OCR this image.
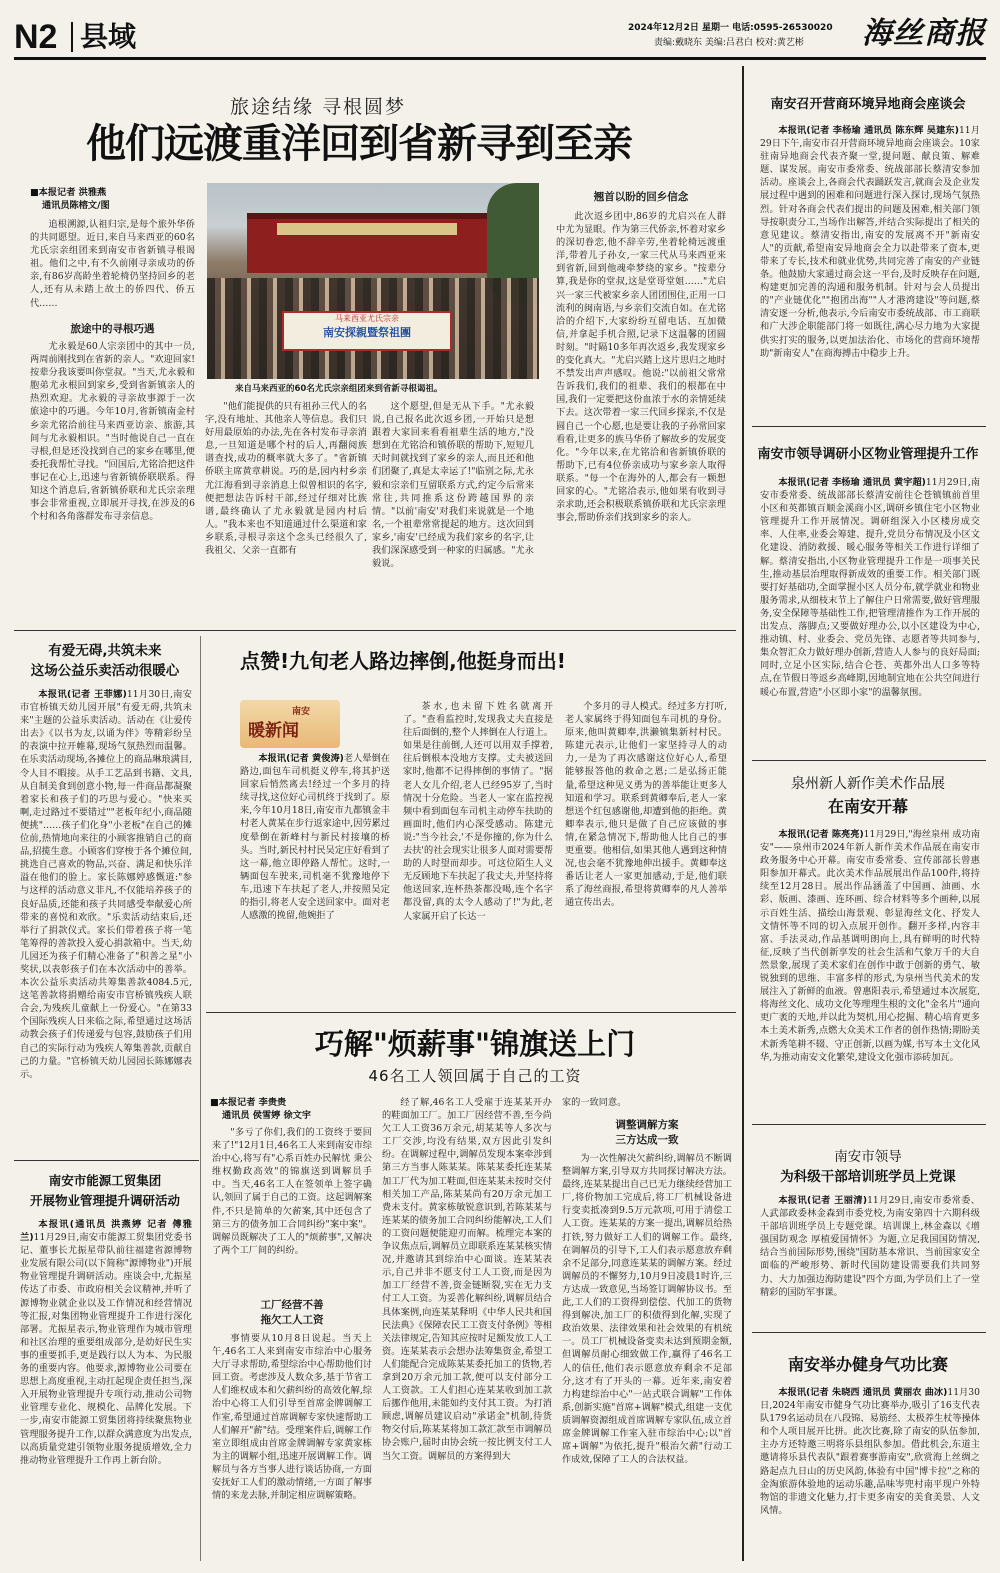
N2 县域	2024年12月2日 星期一 电话:0595-26530020
责编:戴晓东 美编:吕君白 校对:黄艺彬 海丝商报
旅途结缘 寻根圆梦
他们远渡重洋回到省新寻到至亲
■本报记者 洪雅燕
通讯员陈榕文/图

追根溯源,认祖归宗,是每个旅外华侨的共同愿望。近日,来自马来西亚的60名尤氏宗亲组团来到南安市省新镇寻根谒祖。他们之中,有不久前刚寻亲成功的侨亲,有86岁高龄坐着轮椅仍坚持回乡的老人,还有从未踏上故土的侨四代、侨五代……

旅途中的寻根巧遇

尤永毅是60人宗亲团中的其中一员,两周前刚找到在省新的亲人。"欢迎回家!按辈分我该要叫你堂叔。"当天,尤永毅和胞弟尤永根回到家乡,受到省新镇亲人的热烈欢迎。尤永毅的寻亲故事源于一次旅途中的巧遇。今年10月,省新镇南金村乡亲尤铭洽前往马来西亚访亲、旅游,其间与尤永毅相识。"当时他说自己一直在寻根,但是还没找到自己的家乡在哪里,便委托我帮忙寻找。"回国后,尤铭洽把这件事记在心上,迅速与省新镇侨联联系。得知这个消息后,省新镇侨联和尤氏宗亲理事会非常重视,立即展开寻找,在涉及的6个村和各角落群发布寻亲信息。

马来西亚尤氏宗亲
南安探親暨祭祖團
来自马来西亚的60名尤氏宗亲组团来到省新寻根谒祖。

"他们能提供的只有祖孙三代人的名字,没有地址、其他亲人等信息。我们只好用最原始的办法,先在各村发布寻亲消息,一旦知道是哪个村的后人,再翻阅族谱查找,成功的概率就大多了。"省新镇侨联主席黄章耕说。巧的是,园内村乡亲尤江海看到寻亲消息上似曾相识的名字,便把想法告诉村干部,经过仔细对比族谱,最终确认了尤永毅就是园内村后人。"我本来也不知道通过什么渠道和家乡联系,寻根寻亲这个念头已经很久了,我祖父、父亲一直都有

这个愿望,但是无从下手。"尤永毅说,自己报名此次返乡团,一开始只是想跟着大家回来看看祖辈生活的地方,"没想到在尤铭洽和镇侨联的帮助下,短短几天时间就找到了家乡的亲人,而且还和他们团聚了,真是太幸运了!"临别之际,尤永毅和宗亲们互留联系方式,约定今后常来常往,共同推系这份跨越国界的亲情。"以前'南安'对我们来说就是一个地名,一个祖辈常常提起的地方。这次回到家乡,'南安'已经成为我们家乡的名字,让我们深深感受到一种家的归属感。"尤永毅说。

翘首以盼的回乡信念

此次返乡团中,86岁的尤启兴在人群中尤为显眼。作为第三代侨亲,怀着对家乡的深切眷恋,他不辞辛劳,坐着轮椅远渡重洋,带着儿子孙女,一家三代从马来西亚来到省新,回到他魂牵梦绕的家乡。"按辈分算,我是你的堂叔,这是堂哥堂姐……"尤启兴一家三代被家乡亲人团团围住,正用一口流利的闽南语,与乡亲们交流自如。在尤铭洽的介绍下,大家纷纷互留电话、互加微信,并拿起手机合照,记录下这温馨的团圆时刻。"时隔10多年再次返乡,我发现家乡的变化真大。"尤启兴踏上这片思归之地时不禁发出声声感叹。他说:"以前祖父常常告诉我们,我们的祖辈、我们的根都在中国,我们一定要把这份血浓于水的亲情延续下去。这次带着一家三代回乡探亲,不仅是圆自己一个心愿,也是要让我的子孙常回家看看,让更多的族马华侨了解故乡的发展变化。"今年以来,在尤铭洽和省新镇侨联的帮助下,已有4位侨亲成功与家乡亲人取得联系。"每一个在海外的人,都会有一颗想回家的心。"尤铭洽表示,他如果有收到寻亲求助,还会积极联系镇侨联和尤氏宗亲理事会,帮助侨亲们找到家乡的亲人。

有爱无碍,共筑未来
这场公益乐卖活动很暖心

本报讯(记者 王菲娜)11月30日,南安市官桥镇天幼儿园开展"有爱无碍,共筑未来"主题的公益乐卖活动。活动在《让爱传出去》《以书为友,以诵为伴》等精彩纷呈的表演中拉开帷幕,现场气氛热烈而温馨。在乐卖活动现场,各摊位上的商品琳琅满目,令人目不暇接。从手工艺品到书籍、文具,从自制美食到创意小物,每一件商品都凝聚着家长和孩子们的巧思与爱心。"快来买啊,走过路过不要错过""老板年纪小,商品随便挑"……孩子们化身"小老板"在自己的摊位前,热情地向来往的小顾客推销自己的商品,招揽生意。小顾客们穿梭于各个摊位间,挑选自己喜欢的物品,兴奋、满足和快乐洋溢在他们的脸上。家长陈娜婷感慨道:"参与这样的活动意义非凡,不仅能培养孩子的良好品质,还能和孩子共同感受奉献爱心所带来的喜悦和欢欣。"乐卖活动结束后,还举行了捐款仪式。家长们带着孩子将一笔笔筹得的善款投入爱心捐款箱中。当天,幼儿园还为孩子们精心准备了"积善之星"小奖状,以表彰孩子们在本次活动中的善举。本次公益乐卖活动共筹集善款4084.5元,这笔善款将捐赠给南安市官桥镇残疾人联合会,为残疾儿童献上一份爱心。"在第33个国际残疾人日来临之际,希望通过这场活动教会孩子们传递爱与包容,鼓励孩子们用自己的实际行动为残疾人筹集善款,贡献自己的力量。"官桥镇天幼儿园园长陈娜娜表示。

南安市能源工贸集团
开展物业管理提升调研活动

本报讯(通讯员 洪燕婷 记者 傅雅兰)11月29日,南安市能源工贸集团党委书记、董事长尤振星带队前往福建省源博物业发展有限公司(以下简称"源博物业")开展物业管理提升调研活动。座谈会中,尤振星传达了市委、市政府相关会议精神,并听了源博物业就企业以及工作情况和经营情况等汇报,对集团物业管理提升工作进行深化部署。尤振星表示,物业管理作为城市管理和社区治理的重要组成部分,是幼好民生实事的重要抓手,更是践行以人为本、为民服务的重要内容。他要求,源博物业公司要在思想上高度重视,主动扛起现企责任担当,深入开展物业管理提升专项行动,推动公司物业管理专业化、规模化、品牌化发展。下一步,南安市能源工贸集团将持续聚焦物业管理服务提升工作,以群众满意度为出发点,以高质量党建引领物业服务提质增效,全力推动物业管理提升工作再上新台阶。

点赞!九旬老人路边摔倒,他挺身而出!
南安
暖新闻

本报讯(记者 黄俊涛)老人晕倒在路边,面包车司机挺义停车,将其护送回家后悄然离去!经过一个多月的持续寻找,这位好心司机终于找到了。原来,今年10月18日,南安市九都镇金丰村老人黄某在步行返家途中,因劳累过度晕倒在新峰村与新民村接壤的桥头。当时,新民村村民吴定庄好看到了这一幕,他立即停路人帮忙。这时,一辆面包车驶来,司机毫不犹豫地停下车,迅速下车扶起了老人,并按照吴定的指引,将老人安全送回家中。面对老人感激的挽留,他婉拒了

茶水,也未留下姓名就离开了。"查看监控时,发现我丈夫直接是往后面倒的,整个人摔倒在人行道上。如果是往前倒,人还可以用双手撑着,往后倒根本没地方支撑。丈夫被送回家时,他都不记得摔倒的事情了。"据老人女儿介绍,老人已经95岁了,当时情况十分危险。当老人一家在监控视频中看到面包车司机主动停车扶助的画面时,他们内心深受感动。陈建元说:"当今社会,'不是你撞的,你为什么去扶'的社会现实让很多人面对需要帮助的人时望而却步。可这位陌生人义无反顾地下车扶起了我丈夫,并坚持将他送回家,连杯热茶都没喝,连个名字都没留,真的太令人感动了!"为此,老人家属开启了长达一

个多月的寻人模式。经过多方打听,老人家属终于得知面包车司机的身份。原来,他叫黄卿奉,洪濑镇集新村村民。陈建元表示,让他们一家坚持寻人的动力,一是为了再次感谢这位好心人,希望能够报答他的救命之恩;二是弘扬正能量,希望这种见义勇为的善举能让更多人知道和学习。联系到黄卿奉后,老人一家想送个红包感谢他,却遭到他的拒绝。黄卿奉表示,他只是做了自己应该做的事情,在紧急情况下,帮助他人比自己的事更重要。他相信,如果其他人遇到这种情况,也会毫不犹豫地伸出援手。黄卿奉这番话让老人一家更加感动,于是,他们联系了海丝商报,希望将黄卿奉的凡人善举通宣传出去。

巧解"烦薪事"锦旗送上门
46名工人领回属于自己的工资
■本报记者 李贵贵
通讯员 侯雪婷 徐文宇

"多亏了你们,我们的工资终于要回来了!"12月1日,46名工人来到南安市综治中心,将写有"心系百姓办民解忧 秉公维权勤政高效"的锦旗送到调解员手中。当天,46名工人在签领单上签字确认,领回了属于自己的工资。这起调解案件,不只是简单的欠薪案,其中还包含了第三方的债务加工合同纠纷"案中案"。调解员既解决了工人的"烦薪事",又解决了两个工厂间的纠纷。

工厂经营不善
拖欠工人工资

事情要从10月8日说起。当天上午,46名工人来到南安市综治中心服务大厅寻求帮助,希望综治中心帮助他们讨回工资。考虑涉及人数众多,基于节省工人们维权成本和欠薪纠纷的高效化解,综治中心将工人们引导至首席金牌调解工作室,希望通过首席调解专家快速帮助工人们解开"薪"结。受理案件后,调解工作室立即组成由首席金牌调解专家黄家栋为主的调解小组,迅速开展调解工作。调解员与各方当事人进行谈话协商,一方面安抚好工人们的激动情绪,一方面了解事情的来龙去脉,并制定相应调解策略。

经了解,46名工人受雇于连某某开办的鞋面加工厂。加工厂因经营不善,至今尚欠工人工资36万余元,胡某某等人多次与工厂交涉,均没有结果,双方因此引发纠纷。在调解过程中,调解员发现本案牵涉到第三方当事人陈某某。陈某某委托连某某加工厂代为加工鞋面,但连某某未按时交付相关加工产品,陈某某尚有20万余元加工费未支付。黄家栋敏锐意识到,若陈某某与连某某的债务加工合同纠纷能解决,工人们的工资问题便能迎刃而解。梳理完本案的争议焦点后,调解员立即联系连某某核实情况,并邀请其到综治中心面谈。连某某表示,自己并非不愿支付工人工资,而是因为加工厂经营不善,资金链断裂,实在无力支付工人工资。为妥善化解纠纷,调解员结合具体案例,向连某某释明《中华人民共和国民法典》《保障农民工工资支付条例》等相关法律规定,告知其应按时足额发放工人工资。连某某表示会想办法筹集资金,希望工人们能配合完成陈某某委托加工的货物,若拿到20万余元加工款,便可以支付部分工人工资款。工人们担心连某某收到加工款后挪作他用,未能如约支付其工资。为打消顾虑,调解员建议启动"承诺金"机制,待货物交付后,陈某某将加工款汇款至市调解员协会账户,届时由协会统一按比例支付工人当欠工资。调解员的方案得到大

家的一致同意。

调整调解方案
三方达成一致

为一次性解决欠薪纠纷,调解员不断调整调解方案,引导双方共同探讨解决方法。最终,连某某提出自己已无力继续经营加工厂,将价物加工完成后,将工厂机械设备进行变卖抵凑到9.5万元款项,可用于清偿工人工资。连某某的方案一提出,调解员给热打铁,努力做好工人们的调解工作。最终,在调解员的引导下,工人们表示愿意放弃剩余不足部分,同意连某某的调解方案。经过调解员的不懈努力,10月9日凌晨1时许,三方达成一致意见,当场签订调解协议书。至此,工人们的工资得到偿偿、代加工的货物得到解决,加工厂的积债得到化解,实现了政治效果、法律效果和社会效果的有机统一。员工厂机械设备变卖未达到预期金额,但调解员耐心细致做工作,赢得了46名工人的信任,他们表示愿意放弃剩余不足部分,这才有了开头的一幕。近年来,南安着力构建综治中心"一站式联合调解"工作体系,创新实施"首席+调解"模式,组建一支优质调解资源组成首席调解专家队伍,成立首席金牌调解工作室入驻市综治中心;以"首席+调解"为依托,提升"根治欠薪"行动工作成效,保障了工人的合法权益。

南安召开营商环境异地商会座谈会

本报讯(记者 李杨瑜 通讯员 陈东辉 吴建东)11月29日下午,南安市召开营商环境异地商会座谈会。10家驻南异地商会代表齐聚一堂,提问题、献良策、解难题、谋发展。南安市委常委、统战部部长蔡清安参加活动。座谈会上,各商会代表踊跃发言,就商会及企业发展过程中遇到的困难和问题进行深入探讨,现场气氛热烈。针对各商会代表们提出的问题及困难,相关部门领导按职责分工,当场作出解答,并结合实际提出了相关的意见建议。蔡清安指出,南安的发展离不开"新南安人"的贡献,希望南安异地商会全力以赴带来了资本,更带来了专长,技术和就业优势,共同完善了南安的产业链条。他鼓励大家通过商会这一平台,及时反映存在问题,构建更加完善的沟通和服务机制。针对与会人员提出的"产业链优化""抱团出海""人才港湾建设"等问题,蔡清安逐一分析,他表示,今后南安市委统战部、市工商联和广大涉企职能部门将一如既往,满心尽力地为大家提供实打实的服务,以更加法治化、市场化的营商环境帮助"新南安人"在商海搏击中稳步上升。

南安市领导调研小区物业管理提升工作

本报讯(记者 李杨瑜 通讯员 黄宇超)11月29日,南安市委常委、统战部部长蔡清安前往仑苍镇镇前首里小区和英都镇百顺金溪商小区,调研乡镇住宅小区物业管理提升工作开展情况。调研组深入小区楼房成交率、人住率,业委会筹建、提升,党员分布情况及小区文化建设、消防救援、暖心服务等相关工作进行详细了解。蔡清安指出,小区物业管理提升工作是一项事关民生,推动基层治理取得新成效的重要工作。相关部门既要打好基础功,全面掌握小区人员分布,就学就业和物业服务需求,从细枝末节上了解住户日常需要,做好管理服务,安全保障等基础性工作,把管理清推作为工作开展的出发点、落脚点;又要做好理办公,以小区建设为中心,推动镇、村、业委会、党员先锋、志愿者等共同参与,集众智汇众力做好理办创新,营造人人参与的良好局面;同时,立足小区实际,结合仑苍、英都外出人口多等特点,在节假日等返乡高峰期,因地制宜地在公共空间进行暖心布置,营造"小区即小家"的温馨氛围。

泉州新人新作美术作品展
在南安开幕

本报讯(记者 陈亮亮)11月29日,"海丝泉州 成功南安"——泉州市2024年新人新作美术作品展在南安市政务服务中心开幕。南安市委常委、宣传部部长曾惠阳参加开幕式。此次美术作品展展出作品100件,将持续至12月28日。展出作品涵盖了中国画、油画、水彩、版画、漆画、连环画、综合材料等多个画种,以展示百姓生活、描绘山海景观、彰显海丝文化、抒发人文情怀等不同的切入点展开创作。翻开多样,内容丰富、手法灵动,作品基调明朗向上,具有鲜明的时代特征,反映了当代创新享发的社会生活和气象万千的大自然景象,展现了美术家们在创作中敢于创新的勇气、敏锐独到的思维、丰富多样的形式,为泉州当代美术的发展注入了新鲜的血液。曾惠阳表示,希望通过本次展览,将海丝文化、成功文化等理理生根的文化"金名片"通向更广袤的天地,并以此为契机,用心挖掘、精心培育更多本土美术新秀,点燃大众美术工作者的创作热情;期盼美术新秀笔耕不辍、守正创新,以画为媒,书写本土文化风华,为推动南安文化繁荣,建设文化强市添砖加瓦。

南安市领导
为科级干部培训班学员上党课

本报讯(记者 王丽清)11月29日,南安市委常委、人武部政委林金森到市委党校,为南安第四十六期科级干部培训班学员上专题党课。培训课上,林金森以《增强国防观念 厚植爱国情怀》为题,立足我国国防情况,结合当前国际形势,围绕"国防基本常识、当前国家安全面临的严峻形势、新时代国防建设需要我们共同努力、大力加强边海防建设"四个方面,为学员们上了一堂精彩的国防军事课。

南安举办健身气功比赛

本报讯(记者 朱晓西 通讯员 黄丽农 曲冰)11月30日,2024年南安市健身气功比赛举办,吸引了16支代表队179名运动员在八段锦、易筋经、太极养生杖等操体和个人项目展开比拼。此次比赛,除了南安的队伍参加,主办方还特邀三明将乐县组队参加。借此机会,东道主邀请将乐县代表队"跟着赛事游南安",欣赏海上丝绸之路起点九日山的历史风韵,体验有中国"博卡拉"之称的金淘旅游体验地的运动乐趣,品味岑兜村南平现户外特物馆的非遗文化魅力,打卡更多南安的美食美景、人文风情。
